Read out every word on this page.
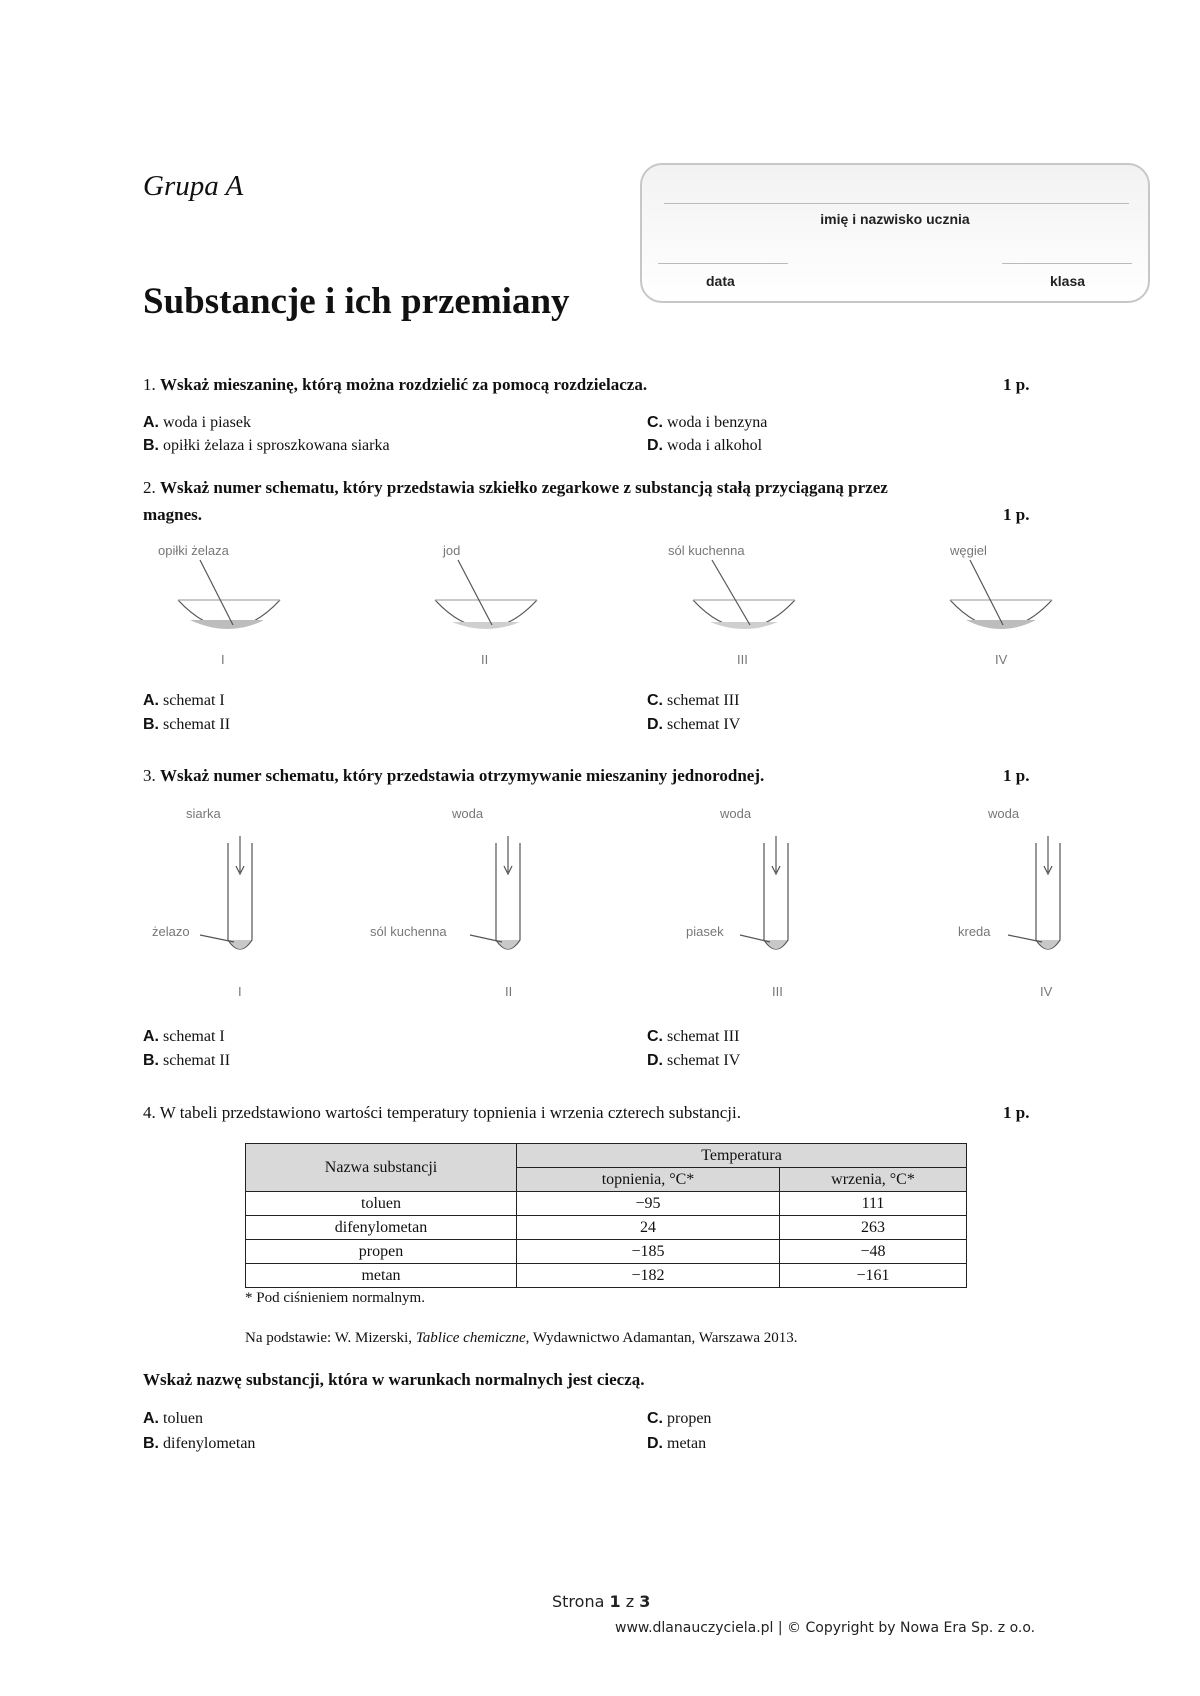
Grupa A
Substancje i ich przemiany
imię i nazwisko ucznia
data	klasa
1. Wskaż mieszaninę, którą można rozdzielić za pomocą rozdzielacza.	1 p.
A. woda i piasek
B. opiłki żelaza i sproszkowana siarka
C. woda i benzyna
D. woda i alkohol
2. Wskaż numer schematu, który przedstawia szkiełko zegarkowe z substancją stałą przyciąganą przez
magnes.	1 p.
opiłki żelaza	jod	sól kuchenna	węgiel
I	II	III	IV
A. schemat I
B. schemat II
C. schemat III
D. schemat IV
3. Wskaż numer schematu, który przedstawia otrzymywanie mieszaniny jednorodnej.	1 p.
siarka	woda	woda	woda
żelazo	sól kuchenna	piasek	kreda
I	II	III	IV
A. schemat I
B. schemat II
C. schemat III
D. schemat IV
4. W tabeli przedstawiono wartości temperatury topnienia i wrzenia czterech substancji.	1 p.
Nazwa substancji	Temperatura	
	topnienia, °C*	wrzenia, °C*
toluen	−95	111
difenylometan	24	263
propen	−185	−48
metan	−182	−161
* Pod ciśnieniem normalnym.
Na podstawie: W. Mizerski, Tablice chemiczne, Wydawnictwo Adamantan, Warszawa 2013.
Wskaż nazwę substancji, która w warunkach normalnych jest cieczą.
A. toluen
B. difenylometan
C. propen
D. metan
Strona 1 z 3
www.dlanauczyciela.pl | © Copyright by Nowa Era Sp. z o.o.
